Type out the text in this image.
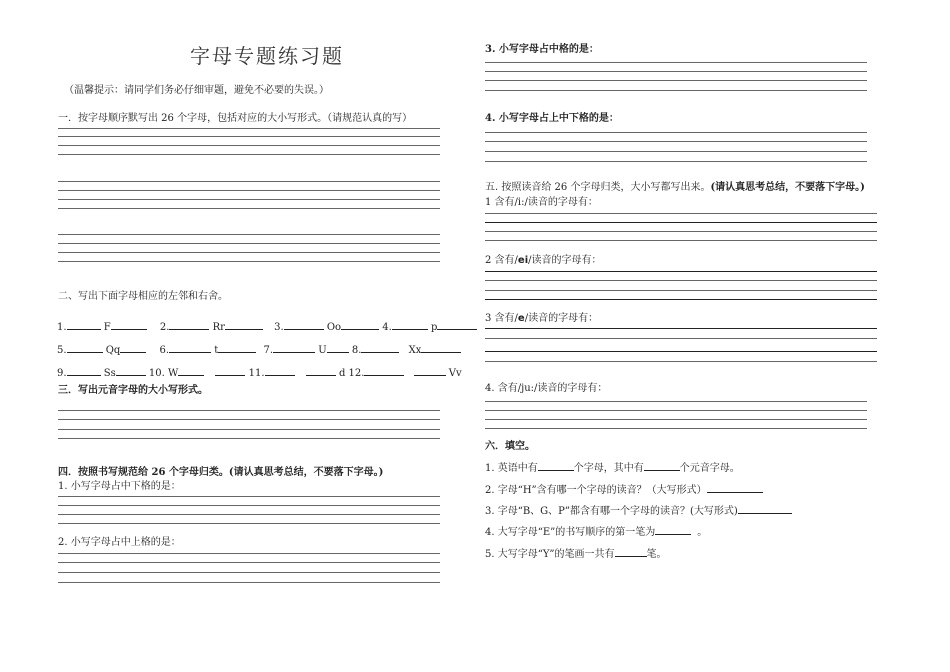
字母专题练习题
（温馨提示：请同学们务必仔细审题，避免不必要的失误。）
一．按字母顺序默写出 26 个字母，包括对应的大小写形式。（请规范认真的写）
二、写出下面字母相应的左邻和右舍。
1.	F	2.	Rr	3.	Oo	4.	p
5.	Qq	6.	t	7.	U	8.	Xx
9.	Ss	10. W	11.	d 12.	Vv
三．写出元音字母的大小写形式。
四．按照书写规范给 26 个字母归类。(请认真思考总结，不要落下字母。)
1. 小写字母占中下格的是：
2. 小写字母占中上格的是：
3. 小写字母占中格的是：
4. 小写字母占上中下格的是：
五. 按照读音给 26 个字母归类，大小写都写出来。(请认真思考总结，不要落下字母。)
1 含有/i:/读音的字母有：
2 含有/ei/读音的字母有：
3 含有/e/读音的字母有：
4. 含有/ju:/读音的字母有：
六．填空。
1. 英语中有	个字母，其中有	个元音字母。
2. 字母“H”含有哪一个字母的读音？（大写形式）
3. 字母“B、G、P”都含有哪一个字母的读音？(大写形式)
4. 大写字母“E”的书写顺序的第一笔为	。
5. 大写字母“Y”的笔画一共有	笔。
